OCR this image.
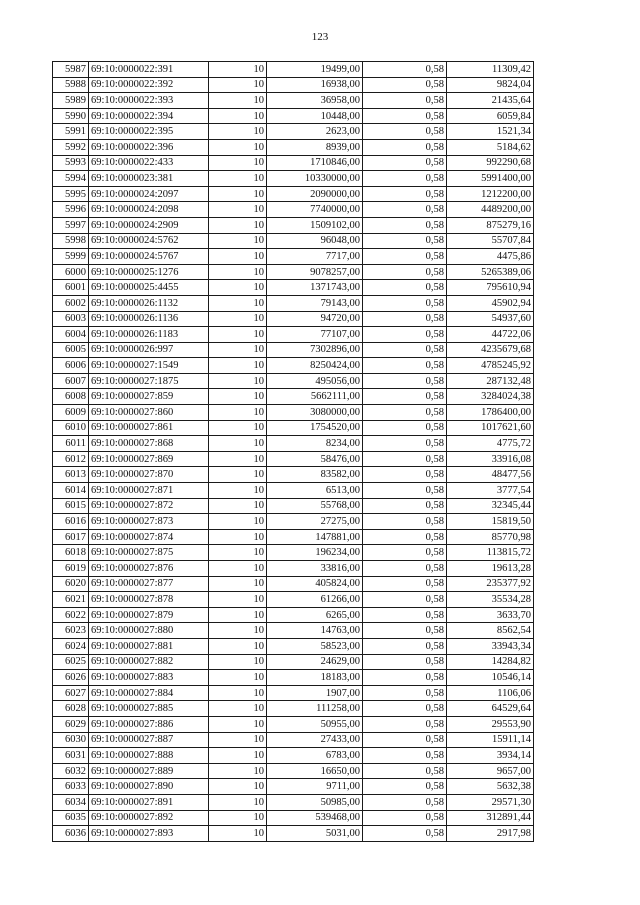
123
5987	69:10:0000022:391	10	19499,00	0,58	11309,42
5988	69:10:0000022:392	10	16938,00	0,58	9824,04
5989	69:10:0000022:393	10	36958,00	0,58	21435,64
5990	69:10:0000022:394	10	10448,00	0,58	6059,84
5991	69:10:0000022:395	10	2623,00	0,58	1521,34
5992	69:10:0000022:396	10	8939,00	0,58	5184,62
5993	69:10:0000022:433	10	1710846,00	0,58	992290,68
5994	69:10:0000023:381	10	10330000,00	0,58	5991400,00
5995	69:10:0000024:2097	10	2090000,00	0,58	1212200,00
5996	69:10:0000024:2098	10	7740000,00	0,58	4489200,00
5997	69:10:0000024:2909	10	1509102,00	0,58	875279,16
5998	69:10:0000024:5762	10	96048,00	0,58	55707,84
5999	69:10:0000024:5767	10	7717,00	0,58	4475,86
6000	69:10:0000025:1276	10	9078257,00	0,58	5265389,06
6001	69:10:0000025:4455	10	1371743,00	0,58	795610,94
6002	69:10:0000026:1132	10	79143,00	0,58	45902,94
6003	69:10:0000026:1136	10	94720,00	0,58	54937,60
6004	69:10:0000026:1183	10	77107,00	0,58	44722,06
6005	69:10:0000026:997	10	7302896,00	0,58	4235679,68
6006	69:10:0000027:1549	10	8250424,00	0,58	4785245,92
6007	69:10:0000027:1875	10	495056,00	0,58	287132,48
6008	69:10:0000027:859	10	5662111,00	0,58	3284024,38
6009	69:10:0000027:860	10	3080000,00	0,58	1786400,00
6010	69:10:0000027:861	10	1754520,00	0,58	1017621,60
6011	69:10:0000027:868	10	8234,00	0,58	4775,72
6012	69:10:0000027:869	10	58476,00	0,58	33916,08
6013	69:10:0000027:870	10	83582,00	0,58	48477,56
6014	69:10:0000027:871	10	6513,00	0,58	3777,54
6015	69:10:0000027:872	10	55768,00	0,58	32345,44
6016	69:10:0000027:873	10	27275,00	0,58	15819,50
6017	69:10:0000027:874	10	147881,00	0,58	85770,98
6018	69:10:0000027:875	10	196234,00	0,58	113815,72
6019	69:10:0000027:876	10	33816,00	0,58	19613,28
6020	69:10:0000027:877	10	405824,00	0,58	235377,92
6021	69:10:0000027:878	10	61266,00	0,58	35534,28
6022	69:10:0000027:879	10	6265,00	0,58	3633,70
6023	69:10:0000027:880	10	14763,00	0,58	8562,54
6024	69:10:0000027:881	10	58523,00	0,58	33943,34
6025	69:10:0000027:882	10	24629,00	0,58	14284,82
6026	69:10:0000027:883	10	18183,00	0,58	10546,14
6027	69:10:0000027:884	10	1907,00	0,58	1106,06
6028	69:10:0000027:885	10	111258,00	0,58	64529,64
6029	69:10:0000027:886	10	50955,00	0,58	29553,90
6030	69:10:0000027:887	10	27433,00	0,58	15911,14
6031	69:10:0000027:888	10	6783,00	0,58	3934,14
6032	69:10:0000027:889	10	16650,00	0,58	9657,00
6033	69:10:0000027:890	10	9711,00	0,58	5632,38
6034	69:10:0000027:891	10	50985,00	0,58	29571,30
6035	69:10:0000027:892	10	539468,00	0,58	312891,44
6036	69:10:0000027:893	10	5031,00	0,58	2917,98
